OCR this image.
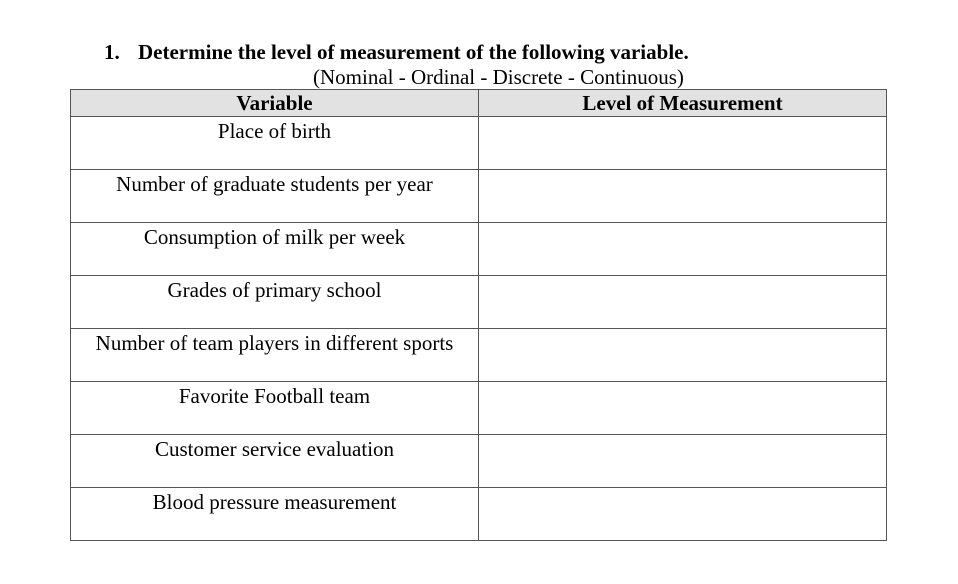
1. Determine the level of measurement of the following variable.
(Nominal - Ordinal - Discrete - Continuous)
Variable	Level of Measurement
Place of birth	
Number of graduate students per year	
Consumption of milk per week	
Grades of primary school	
Number of team players in different sports	
Favorite Football team	
Customer service evaluation	
Blood pressure measurement	
